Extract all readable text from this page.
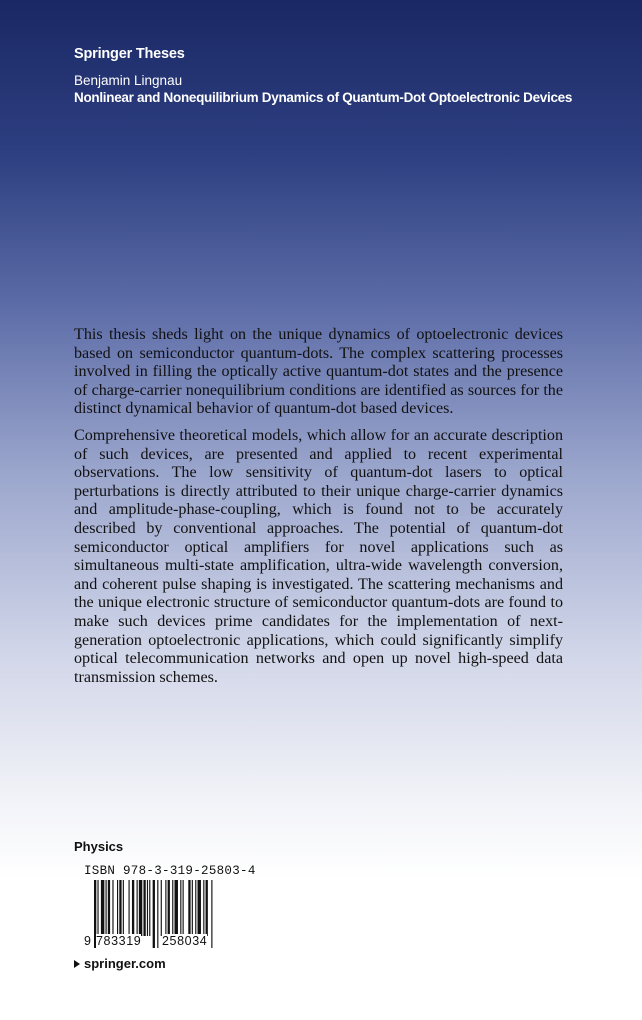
Springer Theses
Benjamin Lingnau
Nonlinear and Nonequilibrium Dynamics of Quantum-Dot Optoelectronic Devices

This thesis sheds light on the unique dynamics of optoelectronic devices based on semiconductor quantum-dots. The complex scattering processes involved in filling the optically active quantum-dot states and the presence of charge-carrier nonequilibrium conditions are identified as sources for the distinct dynamical behavior of quantum-dot based devices.

Comprehensive theoretical models, which allow for an accurate description of such devices, are presented and applied to recent experimental observations. The low sensitivity of quantum-dot lasers to optical perturbations is directly attributed to their unique charge-carrier dynamics and amplitude-phase-coupling, which is found not to be accurately described by conventional approaches. The potential of quantum-dot semiconductor optical amplifiers for novel applications such as simultaneous multi-state amplification, ultra-wide wavelength conversion, and coherent pulse shaping is investigated. The scattering mechanisms and the unique electronic structure of semiconductor quantum-dots are found to make such devices prime candidates for the implementation of next-generation optoelectronic applications, which could significantly simplify optical telecommunication networks and open up novel high-speed data transmission schemes.

Physics
ISBN 978-3-319-25803-4
9 783319 258034
springer.com
